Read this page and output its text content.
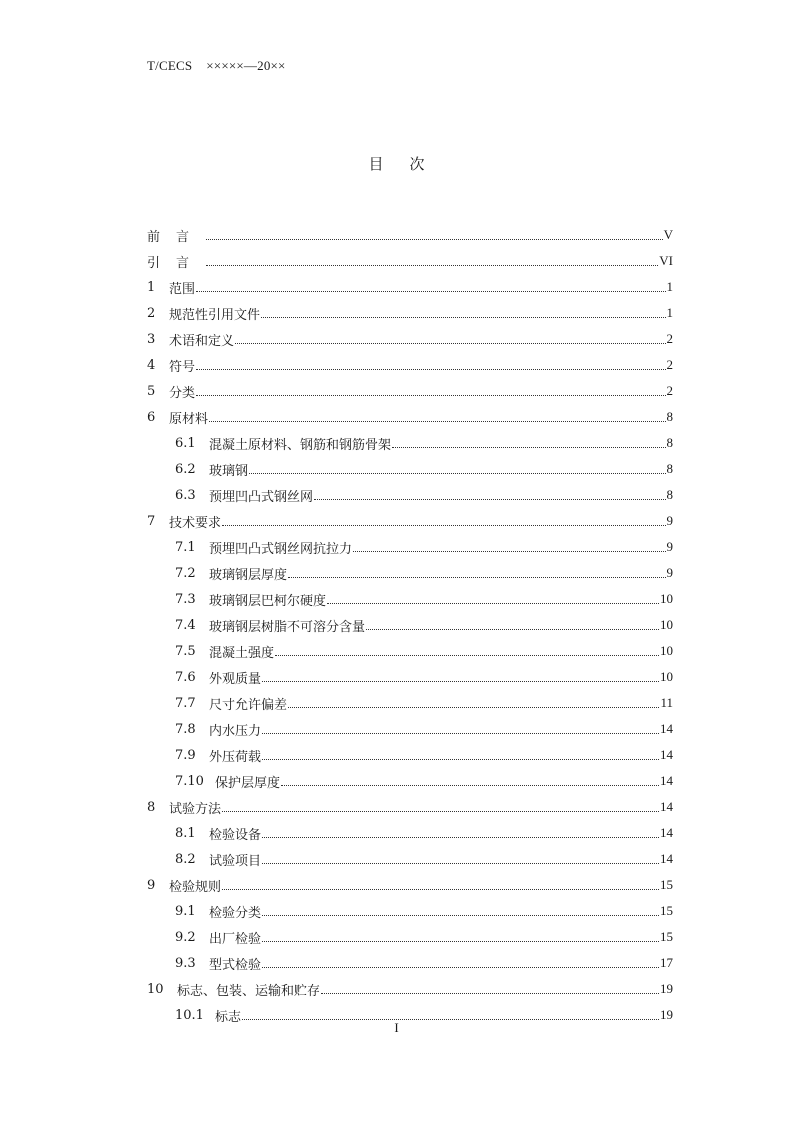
T/CECS ×××××—20××
目 次
前言	V
引言	VI
1	范围	1
2	规范性引用文件	1
3	术语和定义	2
4	符号	2
5	分类	2
6	原材料	8
6.1	混凝土原材料、钢筋和钢筋骨架	8
6.2	玻璃钢	8
6.3	预埋凹凸式钢丝网	8
7	技术要求	9
7.1	预埋凹凸式钢丝网抗拉力	9
7.2	玻璃钢层厚度	9
7.3	玻璃钢层巴柯尔硬度	10
7.4	玻璃钢层树脂不可溶分含量	10
7.5	混凝土强度	10
7.6	外观质量	10
7.7	尺寸允许偏差	11
7.8	内水压力	14
7.9	外压荷载	14
7.10 保护层厚度	14
8	试验方法	14
8.1	检验设备	14
8.2	试验项目	14
9	检验规则	15
9.1	检验分类	15
9.2	出厂检验	15
9.3	型式检验	17
10	标志、包装、运输和贮存	19
10.1 标志	19
I
